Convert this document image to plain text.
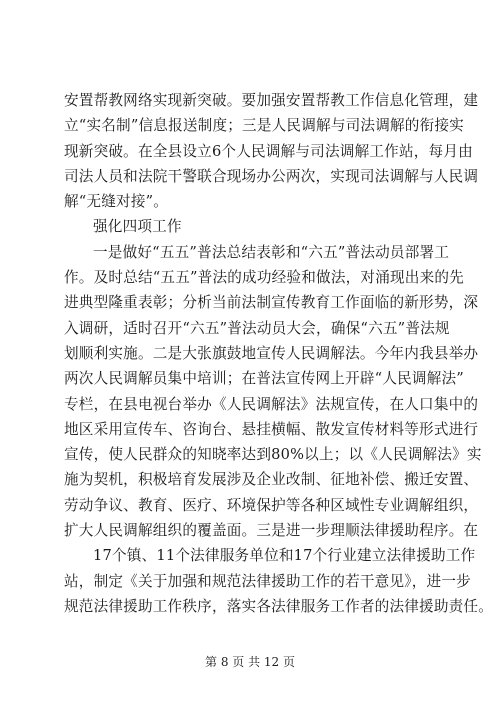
安置帮教网络实现新突破。要加强安置帮教工作信息化管理，建
立“实名制”信息报送制度；三是人民调解与司法调解的衔接实
现新突破。在全县设立6个人民调解与司法调解工作站，每月由
司法人员和法院干警联合现场办公两次，实现司法调解与人民调
解“无缝对接”。
强化四项工作
一是做好“五五”普法总结表彰和“六五”普法动员部署工
作。及时总结“五五”普法的成功经验和做法，对涌现出来的先
进典型隆重表彰；分析当前法制宣传教育工作面临的新形势，深
入调研，适时召开“六五”普法动员大会，确保“六五”普法规
划顺利实施。二是大张旗鼓地宣传人民调解法。今年内我县举办
两次人民调解员集中培训；在普法宣传网上开辟“人民调解法”
专栏，在县电视台举办《人民调解法》法规宣传，在人口集中的
地区采用宣传车、咨询台、悬挂横幅、散发宣传材料等形式进行
宣传，使人民群众的知晓率达到80%以上；以《人民调解法》实
施为契机，积极培育发展涉及企业改制、征地补偿、搬迁安置、
劳动争议、教育、医疗、环境保护等各种区域性专业调解组织，
扩大人民调解组织的覆盖面。三是进一步理顺法律援助程序。在
17个镇、11个法律服务单位和17个行业建立法律援助工作
站，制定《关于加强和规范法律援助工作的若干意见》，进一步
规范法律援助工作秩序，落实各法律服务工作者的法律援助责任。
第 8 页 共 12 页
